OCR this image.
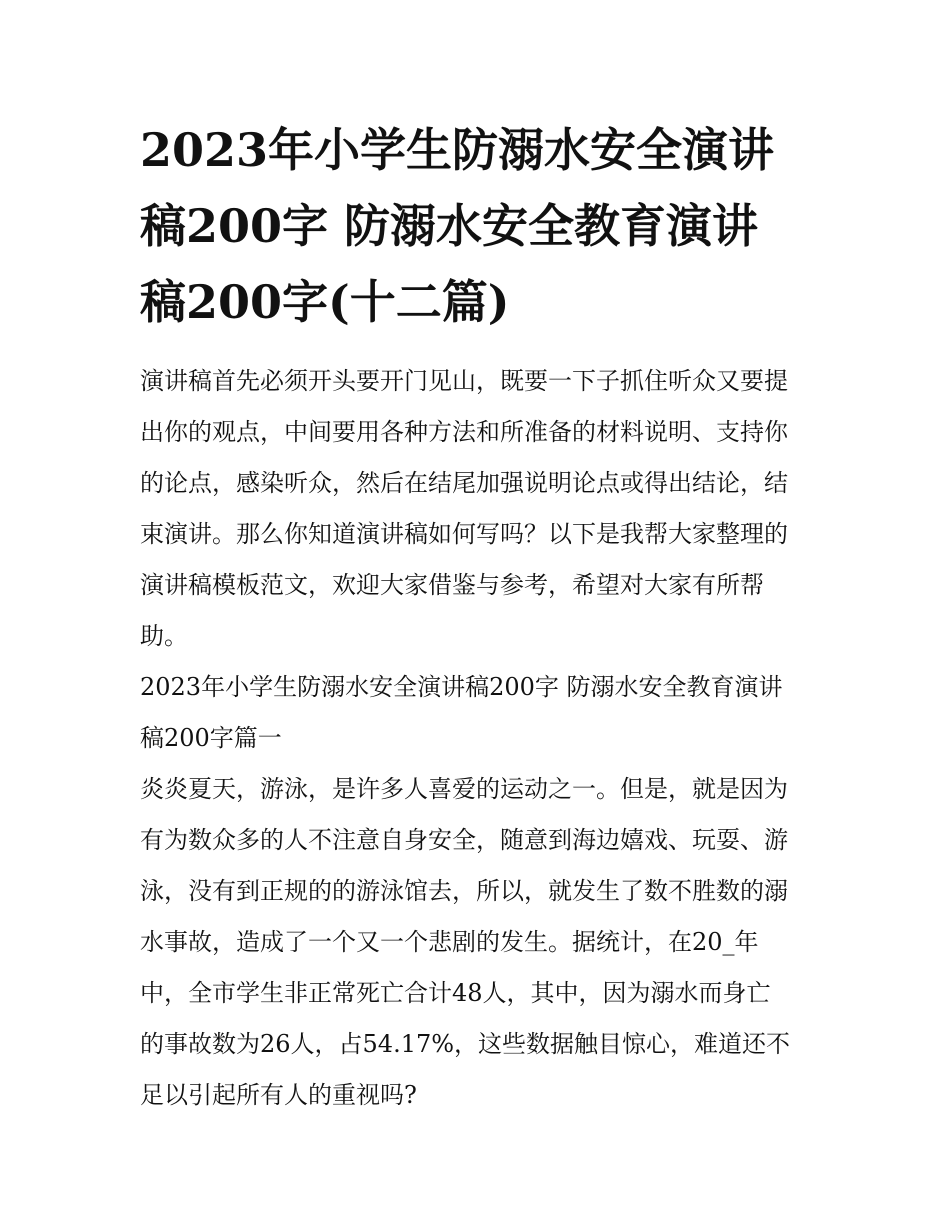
2023年小学生防溺水安全演讲
稿200字 防溺水安全教育演讲
稿200字(十二篇)
演讲稿首先必须开头要开门见山，既要一下子抓住听众又要提
出你的观点，中间要用各种方法和所准备的材料说明、支持你
的论点，感染听众，然后在结尾加强说明论点或得出结论，结
束演讲。那么你知道演讲稿如何写吗？以下是我帮大家整理的
演讲稿模板范文，欢迎大家借鉴与参考，希望对大家有所帮
助。
2023年小学生防溺水安全演讲稿200字 防溺水安全教育演讲
稿200字篇一
炎炎夏天，游泳，是许多人喜爱的运动之一。但是，就是因为
有为数众多的人不注意自身安全，随意到海边嬉戏、玩耍、游
泳，没有到正规的的游泳馆去，所以，就发生了数不胜数的溺
水事故，造成了一个又一个悲剧的发生。据统计，在20_年
中，全市学生非正常死亡合计48人，其中，因为溺水而身亡
的事故数为26人，占54.17%，这些数据触目惊心，难道还不
足以引起所有人的重视吗?
